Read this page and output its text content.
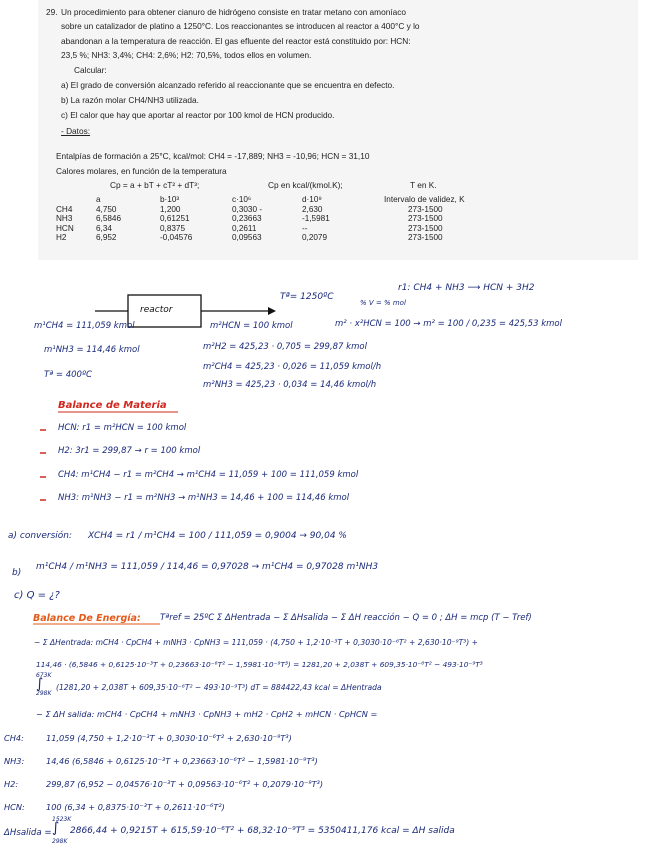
29. Un procedimiento para obtener cianuro de hidrógeno consiste en tratar metano con amoníaco
sobre un catalizador de platino a 1250°C. Los reaccionantes se introducen al reactor a 400°C y lo
abandonan a la temperatura de reacción. El gas efluente del reactor está constituido por: HCN:
23,5 %; NH3: 3,4%; CH4: 2,6%; H2: 70,5%, todos ellos en volumen.
Calcular:
a) El grado de conversión alcanzado referido al reaccionante que se encuentra en defecto.
b) La razón molar CH4/NH3 utilizada.
c) El calor que hay que aportar al reactor por 100 kmol de HCN producido.
- Datos:
Entalpías de formación a 25°C, kcal/mol: CH4 = -17,889; NH3 = -10,96; HCN = 31,10
Calores molares, en función de la temperatura
Cp = a + bT + cT² + dT³;	Cp en kcal/(kmol.K);	T en K.
	a	b·10³	c·10⁶	d·10⁹	Intervalo de validez, K
CH4	4,750	1,200	0,3030 -	2,630	273-1500
NH3	6,5846	0,61251	0,23663	-1,5981	273-1500
HCN	6,34	0,8375	0,2611	--	273-1500
H2	6,952	-0,04576	0,09563	0,2079	273-1500
reactor
Tª= 1250ºC
r1: CH4 + NH3 ⟶ HCN + 3H2
% V = % mol
m¹CH4 = 111,059 kmol
m¹NH3 = 114,46 kmol
Tª = 400ºC
m²HCN = 100 kmol
m²H2 = 425,23 · 0,705 = 299,87 kmol
m²CH4 = 425,23 · 0,026 = 11,059 kmol/h
m²NH3 = 425,23 · 0,034 = 14,46 kmol/h
m² · x²HCN = 100 → m² = 100 / 0,235 = 425,53 kmol
Balance de Materia
HCN: r1 = m²HCN = 100 kmol
H2: 3r1 = 299,87 → r = 100 kmol
CH4: m¹CH4 − r1 = m²CH4 → m¹CH4 = 11,059 + 100 = 111,059 kmol
NH3: m¹NH3 − r1 = m²NH3 → m¹NH3 = 14,46 + 100 = 114,46 kmol
a) conversión: XCH4 = r1 / m¹CH4 = 100 / 111,059 = 0,9004 → 90,04 %
b)
m¹CH4 / m¹NH3 = 111,059 / 114,46 = 0,97028 → m¹CH4 = 0,97028 m¹NH3
c) Q = ¿?
Balance De Energía: Tªref = 25ºC Σ ΔHentrada − Σ ΔHsalida − Σ ΔH reacción − Q = 0 ; ΔH = mcp (T − Tref)
− Σ ΔHentrada: mCH4 · CpCH4 + mNH3 · CpNH3 = 111,059 · (4,750 + 1,2·10⁻³T + 0,3030·10⁻⁶T² + 2,630·10⁻⁹T³) +
114,46 · (6,5846 + 0,6125·10⁻³T + 0,23663·10⁻⁶T² − 1,5981·10⁻⁹T³) = 1281,20 + 2,038T + 609,35·10⁻⁶T² − 493·10⁻⁹T³
673K
298K
∫ (1281,20 + 2,038T + 609,35·10⁻⁶T² − 493·10⁻⁹T³) dT = 884422,43 kcal = ΔHentrada
− Σ ΔH salida: mCH4 · CpCH4 + mNH3 · CpNH3 + mH2 · CpH2 + mHCN · CpHCN =
CH4:	11,059 (4,750 + 1,2·10⁻³T + 0,3030·10⁻⁶T² + 2,630·10⁻⁹T³)
NH3:	14,46 (6,5846 + 0,6125·10⁻³T + 0,23663·10⁻⁶T² − 1,5981·10⁻⁹T³)
H2:	299,87 (6,952 − 0,04576·10⁻³T + 0,09563·10⁻⁶T² + 0,2079·10⁻⁹T³)
HCN:	100 (6,34 + 0,8375·10⁻³T + 0,2611·10⁻⁶T²)
ΔHsalida =
1523K
298K
∫ 2866,44 + 0,9215T + 615,59·10⁻⁶T² + 68,32·10⁻⁹T³ = 5350411,176 kcal = ΔH salida
